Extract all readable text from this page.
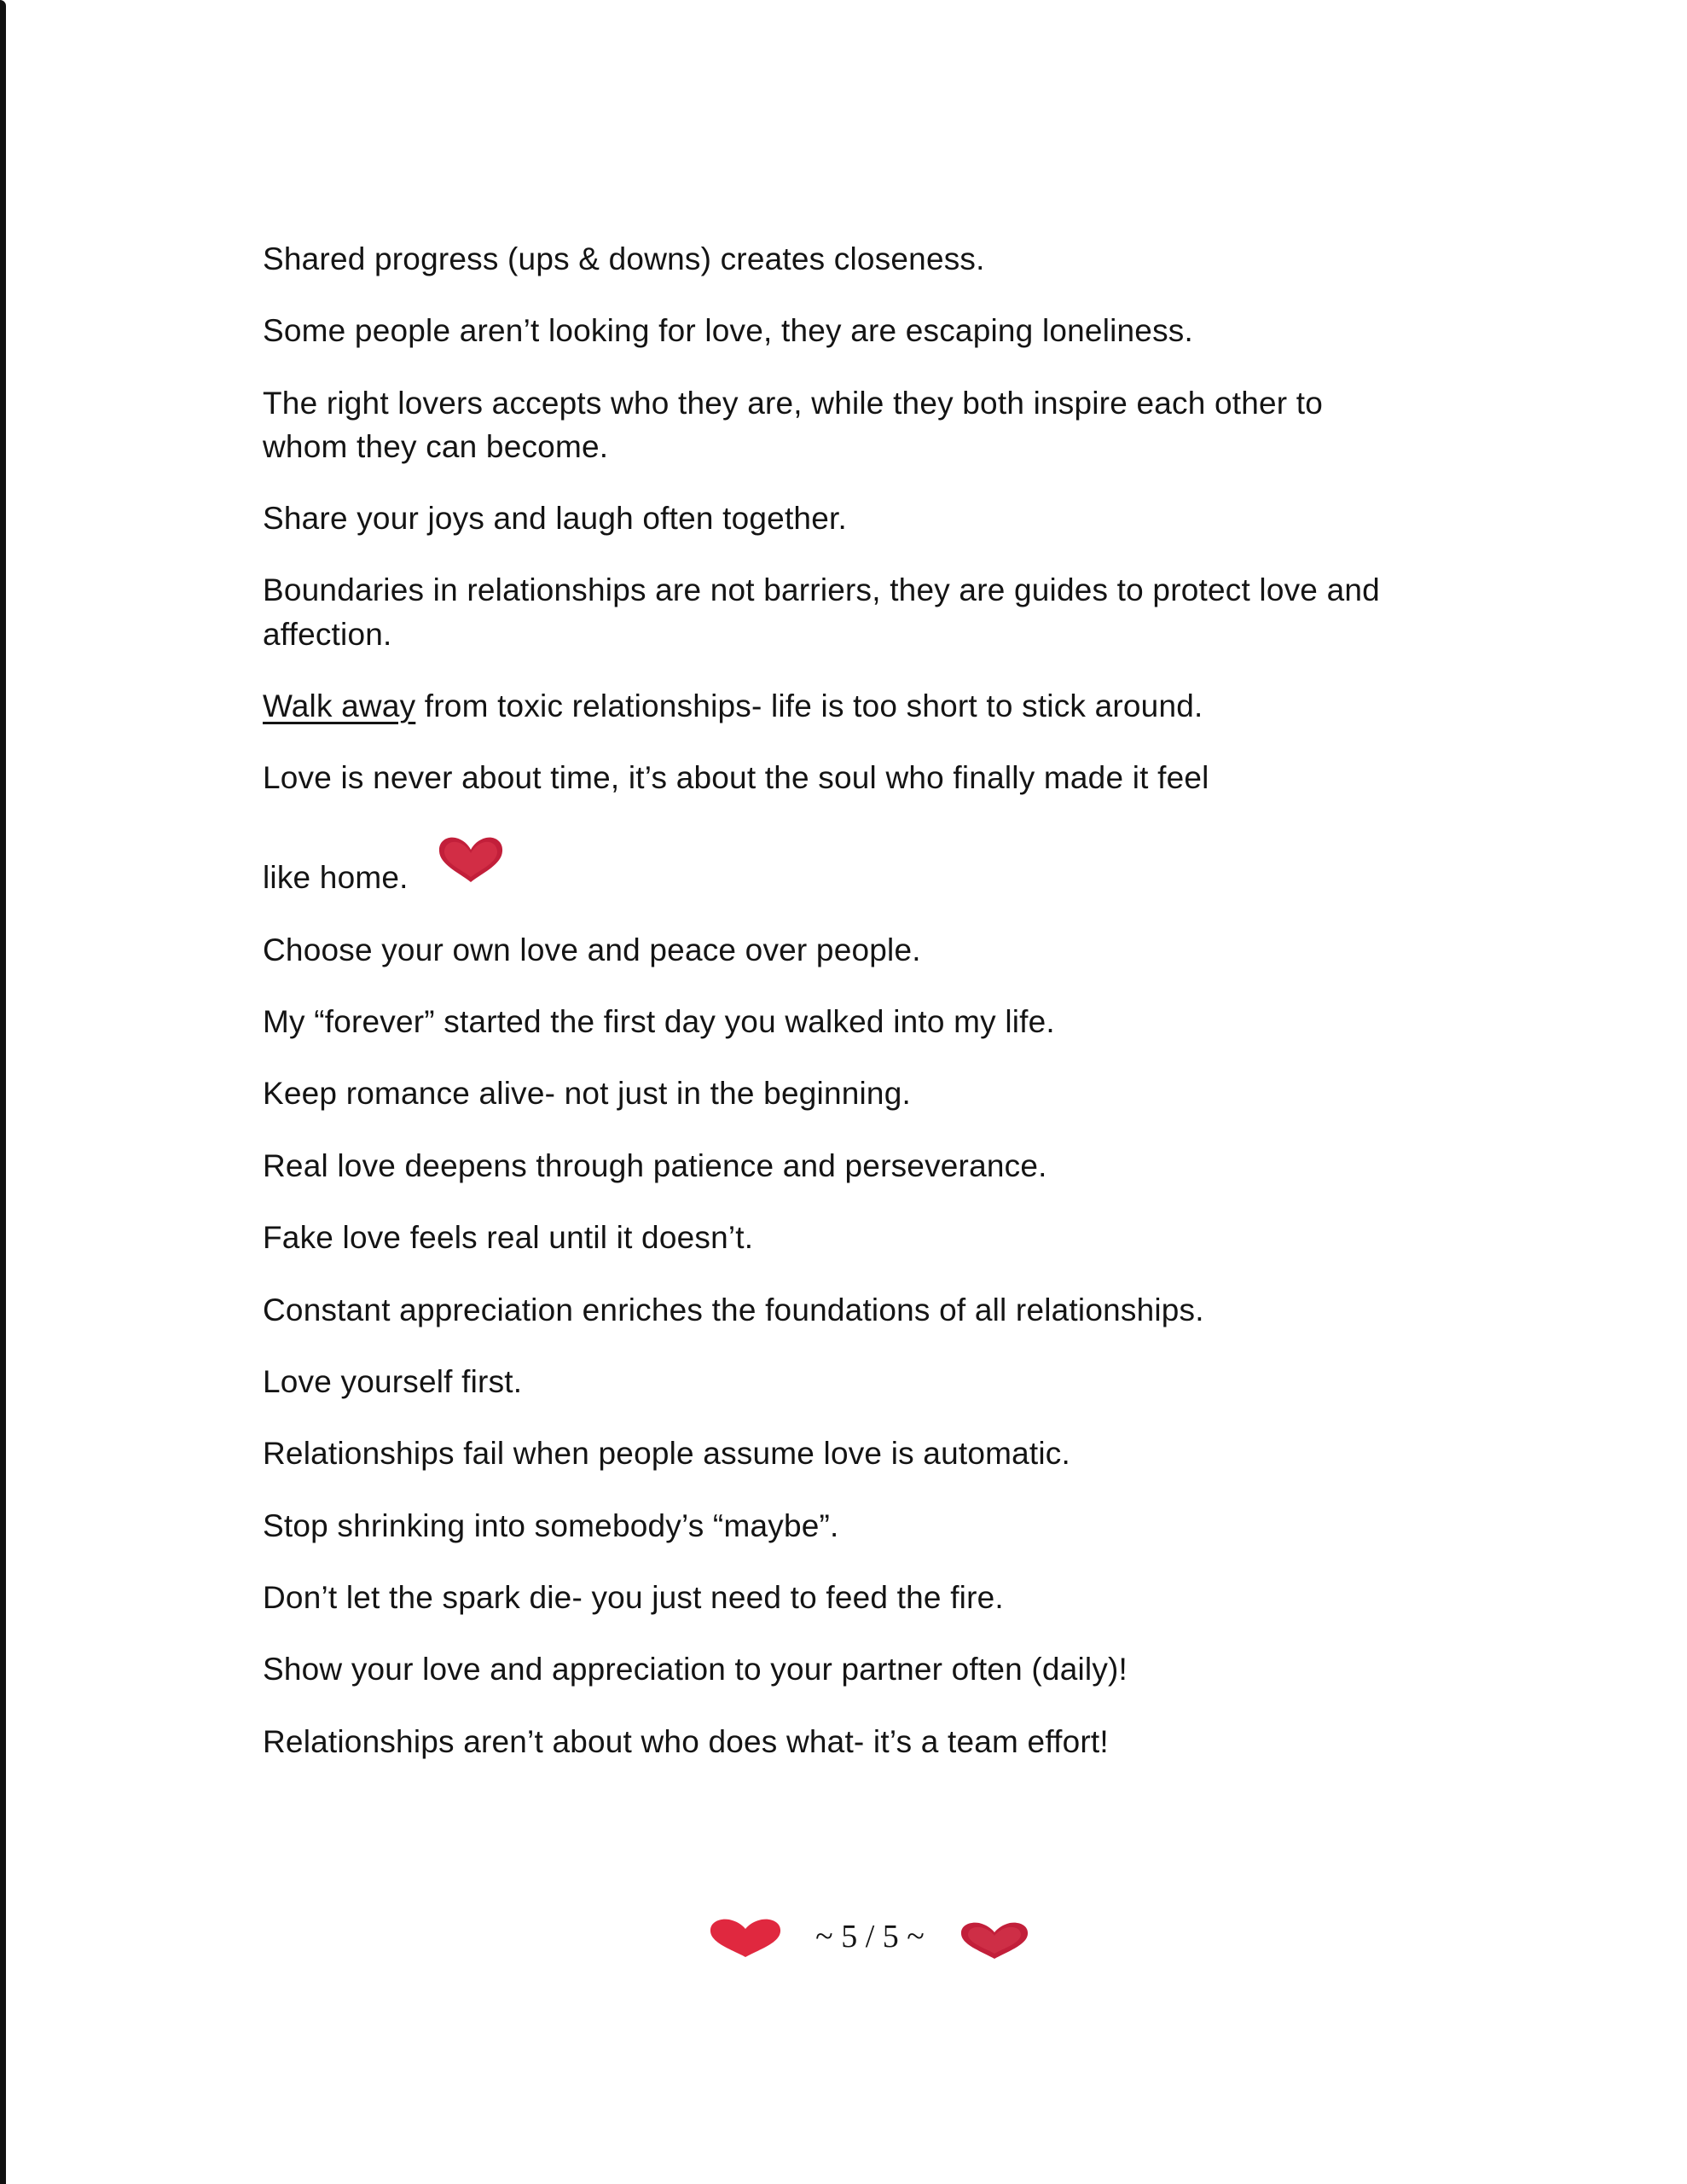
Shared progress (ups & downs) creates closeness.

Some people aren’t looking for love, they are escaping loneliness.

The right lovers accepts who they are, while they both inspire each other to

whom they can become.

Share your joys and laugh often together.

Boundaries in relationships are not barriers, they are guides to protect love and

affection.

Walk away from toxic relationships- life is too short to stick around.

Love is never about time, it’s about the soul who finally made it feel

like home.

Choose your own love and peace over people.

My “forever” started the first day you walked into my life.

Keep romance alive- not just in the beginning.

Real love deepens through patience and perseverance.

Fake love feels real until it doesn’t.

Constant appreciation enriches the foundations of all relationships.

Love yourself first.

Relationships fail when people assume love is automatic.

Stop shrinking into somebody’s “maybe”.

Don’t let the spark die- you just need to feed the fire.

Show your love and appreciation to your partner often (daily)!

Relationships aren’t about who does what- it’s a team effort!

~ 5 / 5 ~
